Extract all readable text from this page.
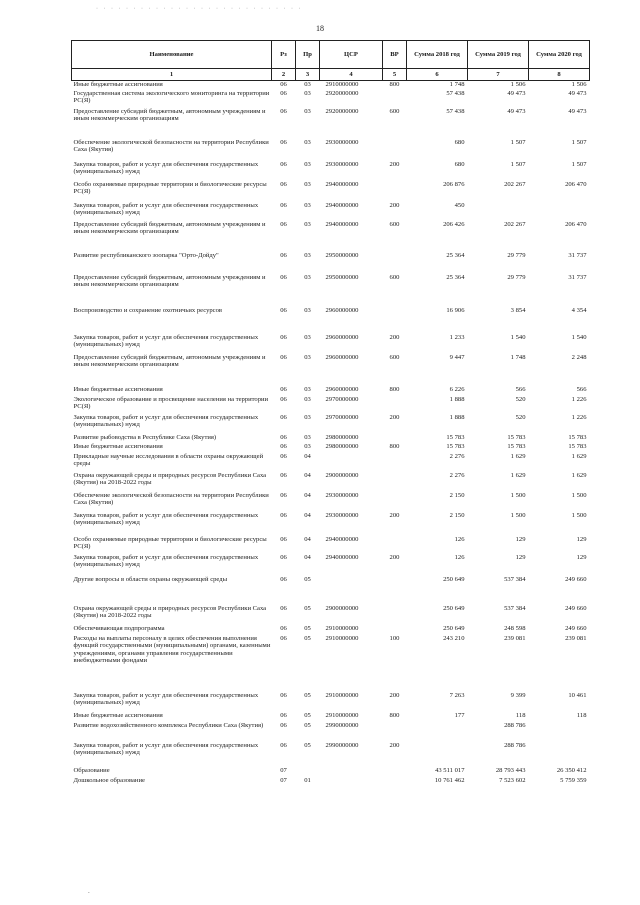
· · · · · · · · · · · · · · · · · · · · · · · · · · · ·
18
Наименование	Рз	Пр	ЦСР	ВР	Сумма 2018 год	Сумма 2019 год	Сумма 2020 год
1	2	3	4	5	6	7	8
Иные бюджетные ассигнования	06	03	2910000000	800	1 748	1 506	1 506
Государственная система экологического мониторинга на территории РС(Я)	06	03	2920000000		57 438	49 473	49 473
Предоставление субсидий бюджетным, автономным учреждениям и иным некоммерческим организациям	06	03	2920000000	600	57 438	49 473	49 473
Обеспечение экологической безопасности на территории Республики Саха (Якутия)	06	03	2930000000		680	1 507	1 507
Закупка товаров, работ и услуг для обеспечения государственных (муниципальных) нужд	06	03	2930000000	200	680	1 507	1 507
Особо охраняемые природные территории и биологические ресурсы РС(Я)	06	03	2940000000		206 876	202 267	206 470
Закупка товаров, работ и услуг для обеспечения государственных (муниципальных) нужд	06	03	2940000000	200	450		
Предоставление субсидий бюджетным, автономным учреждениям и иным некоммерческим организациям	06	03	2940000000	600	206 426	202 267	206 470
Развитие республиканского зоопарка "Орто-Дойду"	06	03	2950000000		25 364	29 779	31 737
Предоставление субсидий бюджетным, автономным учреждениям и иным некоммерческим организациям	06	03	2950000000	600	25 364	29 779	31 737
Воспроизводство и сохранение охотничьих ресурсов	06	03	2960000000		16 906	3 854	4 354
Закупка товаров, работ и услуг для обеспечения государственных (муниципальных) нужд	06	03	2960000000	200	1 233	1 540	1 540
Предоставление субсидий бюджетным, автономным учреждениям и иным некоммерческим организациям	06	03	2960000000	600	9 447	1 748	2 248
Иные бюджетные ассигнования	06	03	2960000000	800	6 226	566	566
Экологическое образование и просвещение населения на территории РС(Я)	06	03	2970000000		1 888	520	1 226
Закупка товаров, работ и услуг для обеспечения государственных (муниципальных) нужд	06	03	2970000000	200	1 888	520	1 226
Развитие рыбоводства в Республике Саха (Якутия)	06	03	2980000000		15 783	15 783	15 783
Иные бюджетные ассигнования	06	03	2980000000	800	15 783	15 783	15 783
Прикладные научные исследования в области охраны окружающей среды	06	04			2 276	1 629	1 629
Охрана окружающей среды и природных ресурсов Республики Саха (Якутия) на 2018-2022 годы	06	04	2900000000		2 276	1 629	1 629
Обеспечение экологической безопасности на территории Республики Саха (Якутия)	06	04	2930000000		2 150	1 500	1 500
Закупка товаров, работ и услуг для обеспечения государственных (муниципальных) нужд	06	04	2930000000	200	2 150	1 500	1 500
Особо охраняемые природные территории и биологические ресурсы РС(Я)	06	04	2940000000		126	129	129
Закупка товаров, работ и услуг для обеспечения государственных (муниципальных) нужд	06	04	2940000000	200	126	129	129
Другие вопросы в области охраны окружающей среды	06	05			250 649	537 384	249 660
Охрана окружающей среды и природных ресурсов Республики Саха (Якутия) на 2018-2022 годы	06	05	2900000000		250 649	537 384	249 660
Обеспечивающая подпрограмма	06	05	2910000000		250 649	248 598	249 660
Расходы на выплаты персоналу в целях обеспечения выполнения функций государственными (муниципальными) органами, казенными учреждениями, органами управления государственными внебюджетными фондами	06	05	2910000000	100	243 210	239 081	239 081
Закупка товаров, работ и услуг для обеспечения государственных (муниципальных) нужд	06	05	2910000000	200	7 263	9 399	10 461
Иные бюджетные ассигнования	06	05	2910000000	800	177	118	118
Развитие водохозяйственного комплекса Республики Саха (Якутия)	06	05	2990000000			288 786	
Закупка товаров, работ и услуг для обеспечения государственных (муниципальных) нужд	06	05	2990000000	200		288 786	
Образование	07				43 511 017	28 793 443	26 350 412
Дошкольное образование	07	01			10 761 462	7 523 602	5 759 359
.
